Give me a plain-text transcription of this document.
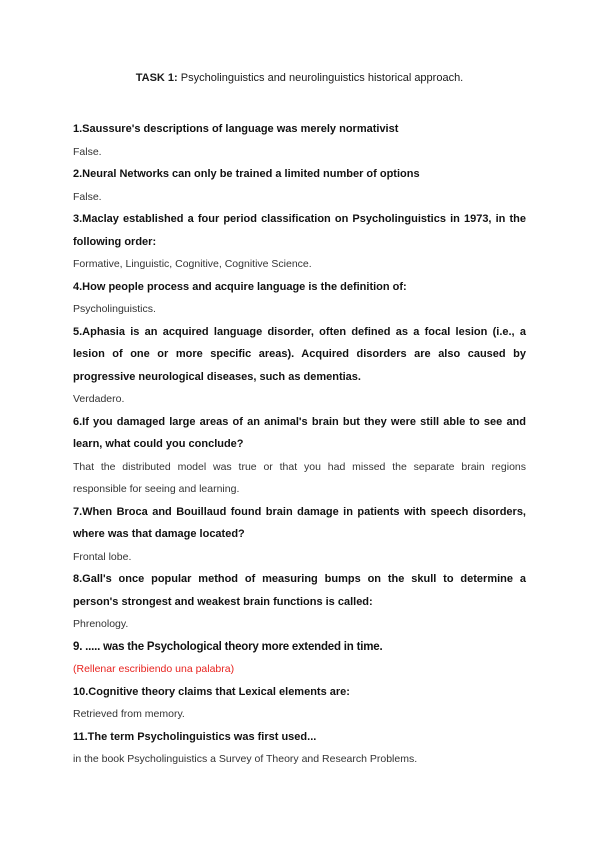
TASK 1: Psycholinguistics and neurolinguistics historical approach.

1.Saussure's descriptions of language was merely normativist

False.

2.Neural Networks can only be trained a limited number of options

False.

3.Maclay established a four period classification on Psycholinguistics in 1973, in the following order:

Formative, Linguistic, Cognitive, Cognitive Science.

4.How people process and acquire language is the definition of:

Psycholinguistics.

5.Aphasia is an acquired language disorder, often defined as a focal lesion (i.e., a lesion of one or more specific areas). Acquired disorders are also caused by progressive neurological diseases, such as dementias.

Verdadero.

6.If you damaged large areas of an animal's brain but they were still able to see and learn, what could you conclude?

That the distributed model was true or that you had missed the separate brain regions responsible for seeing and learning.

7.When Broca and Bouillaud found brain damage in patients with speech disorders, where was that damage located?

Frontal lobe.

8.Gall's once popular method of measuring bumps on the skull to determine a person's strongest and weakest brain functions is called:

Phrenology.

9. ..... was the Psychological theory more extended in time.

(Rellenar escribiendo una palabra)

10.Cognitive theory claims that Lexical elements are:

Retrieved from memory.

11.The term Psycholinguistics was first used...

in the book Psycholinguistics a Survey of Theory and Research Problems.
